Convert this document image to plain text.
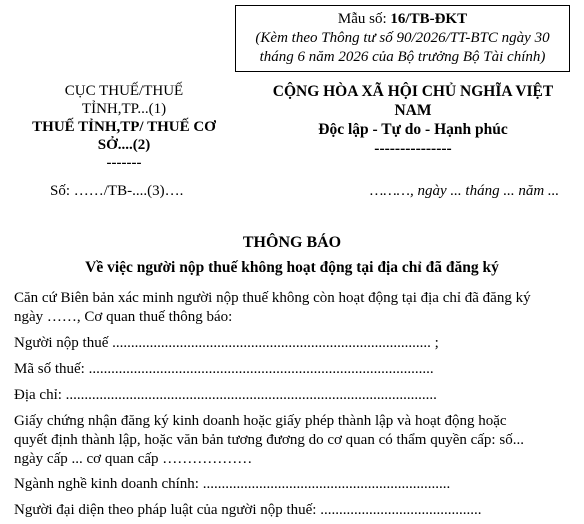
Mẫu số: 16/TB-ĐKT
(Kèm theo Thông tư số 90/2026/TT-BTC ngày 30
tháng 6 năm 2026 của Bộ trưởng Bộ Tài chính)
CỤC THUẾ/THUẾ
TỈNH,TP...(1)
THUẾ TỈNH,TP/ THUẾ CƠ
SỞ....(2)
-------
CỘNG HÒA XÃ HỘI CHỦ NGHĨA VIỆT
NAM
Độc lập - Tự do - Hạnh phúc
---------------
Số: ……/TB-....(3)….	………, ngày ... tháng ... năm ...
THÔNG BÁO
Về việc người nộp thuế không hoạt động tại địa chỉ đã đăng ký
Căn cứ Biên bản xác minh người nộp thuế không còn hoạt động tại địa chỉ đã đăng ký
ngày ……, Cơ quan thuế thông báo:
Người nộp thuế ..................................................................................... ;
Mã số thuế: ............................................................................................
Địa chỉ: ...................................................................................................
Giấy chứng nhận đăng ký kinh doanh hoặc giấy phép thành lập và hoạt động hoặc
quyết định thành lập, hoặc văn bản tương đương do cơ quan có thẩm quyền cấp: số...
ngày cấp ... cơ quan cấp ………………
Ngành nghề kinh doanh chính: ..................................................................
Người đại diện theo pháp luật của người nộp thuế: ...........................................
